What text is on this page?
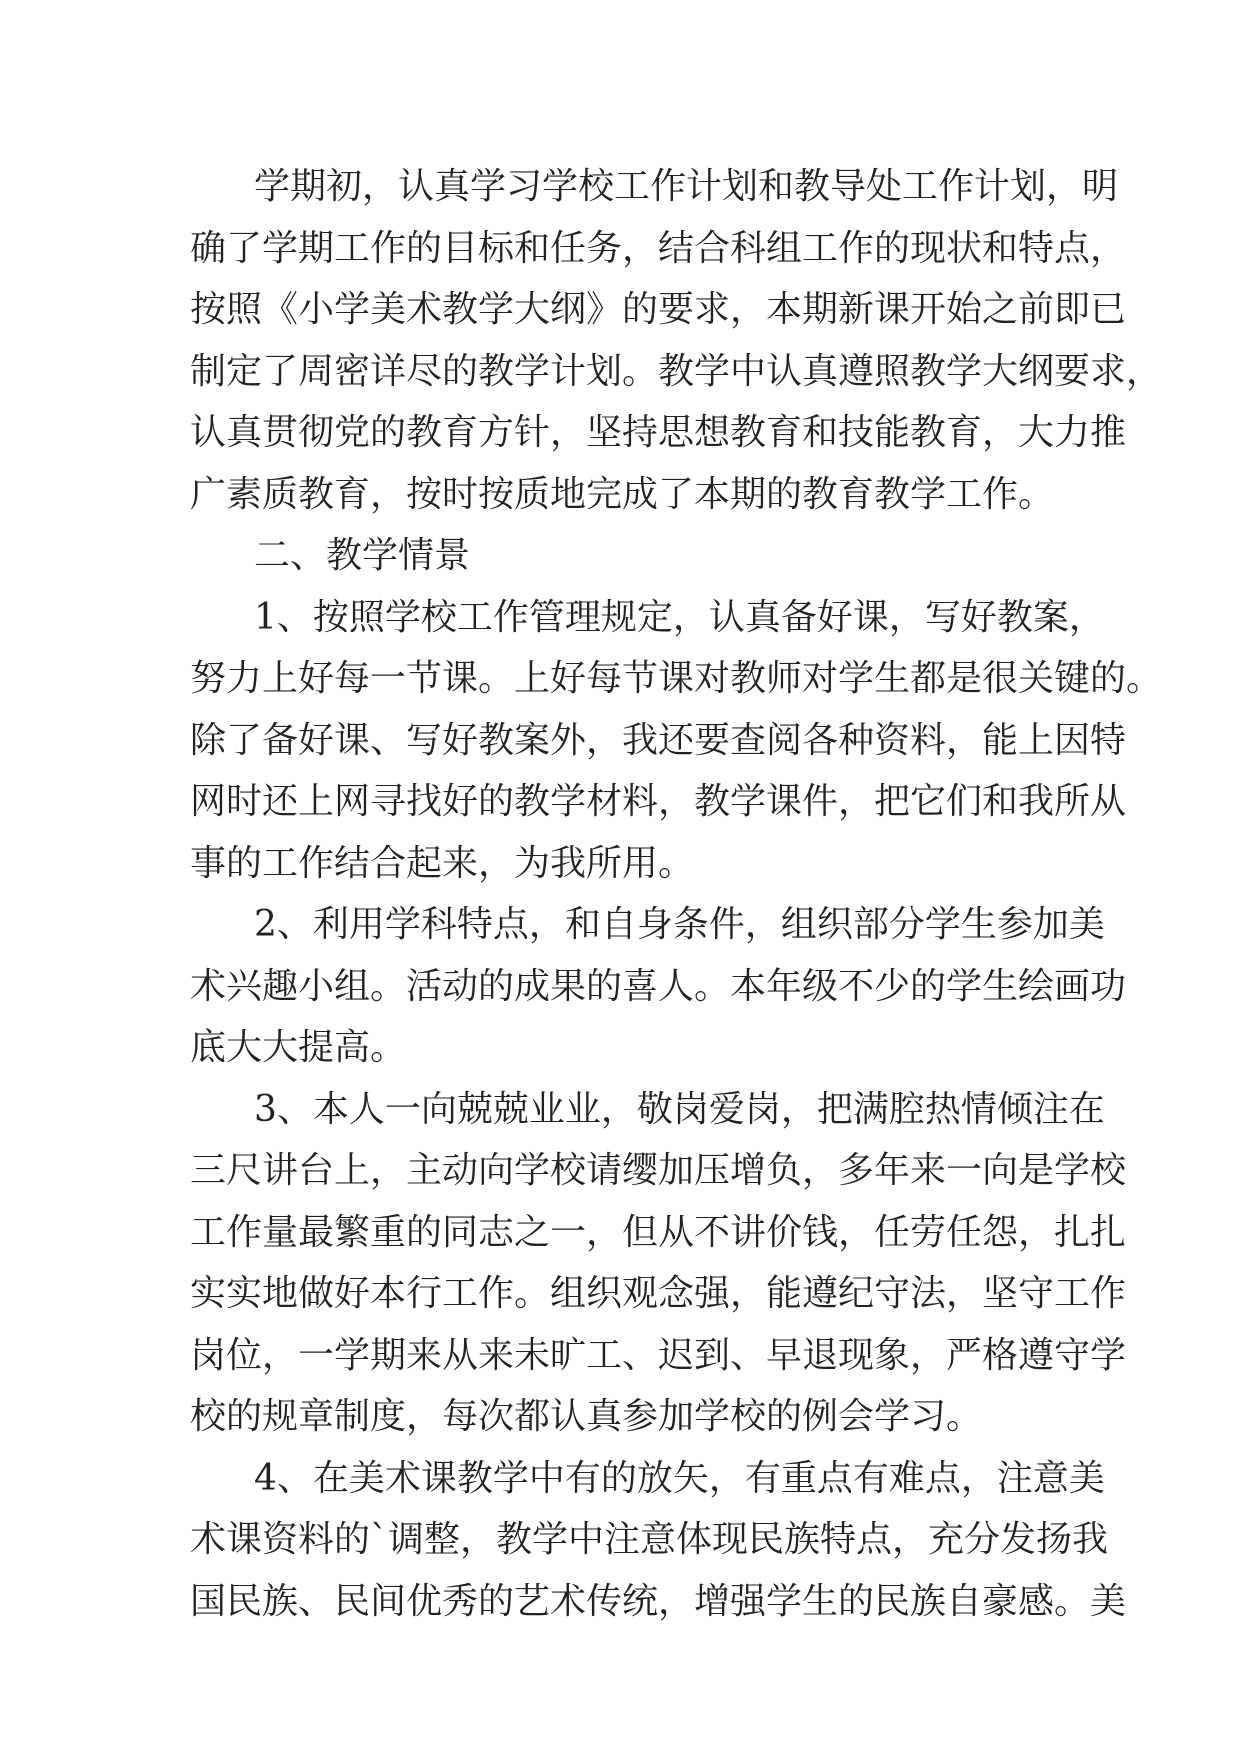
学期初，认真学习学校工作计划和教导处工作计划，明
确了学期工作的目标和任务，结合科组工作的现状和特点，
按照《小学美术教学大纲》的要求，本期新课开始之前即已
制定了周密详尽的教学计划。教学中认真遵照教学大纲要求，
认真贯彻党的教育方针，坚持思想教育和技能教育，大力推
广素质教育，按时按质地完成了本期的教育教学工作。
二、教学情景
1、按照学校工作管理规定，认真备好课，写好教案，
努力上好每一节课。上好每节课对教师对学生都是很关键的。
除了备好课、写好教案外，我还要查阅各种资料，能上因特
网时还上网寻找好的教学材料，教学课件，把它们和我所从
事的工作结合起来，为我所用。
2、利用学科特点，和自身条件，组织部分学生参加美
术兴趣小组。活动的成果的喜人。本年级不少的学生绘画功
底大大提高。
3、本人一向兢兢业业，敬岗爱岗，把满腔热情倾注在
三尺讲台上，主动向学校请缨加压增负，多年来一向是学校
工作量最繁重的同志之一，但从不讲价钱，任劳任怨，扎扎
实实地做好本行工作。组织观念强，能遵纪守法，坚守工作
岗位，一学期来从来未旷工、迟到、早退现象，严格遵守学
校的规章制度，每次都认真参加学校的例会学习。
4、在美术课教学中有的放矢，有重点有难点，注意美
术课资料的`调整，教学中注意体现民族特点，充分发扬我
国民族、民间优秀的艺术传统，增强学生的民族自豪感。美
